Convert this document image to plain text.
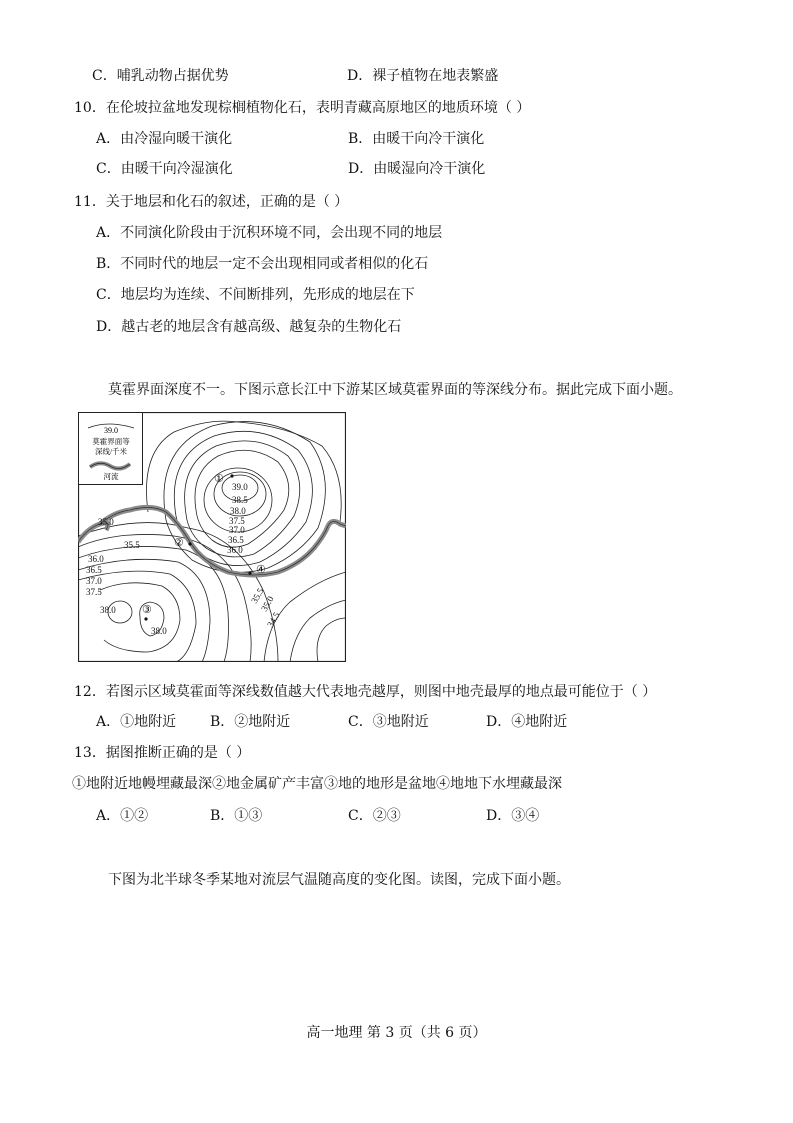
C．哺乳动物占据优势	D．裸子植物在地表繁盛
10．在伦坡拉盆地发现棕榈植物化石，表明青藏高原地区的地质环境（ ）
A．由冷湿向暖干演化	B．由暖干向冷干演化
C．由暖干向冷湿演化	D．由暖湿向冷干演化
11．关于地层和化石的叙述，正确的是（ ）
A．不同演化阶段由于沉积环境不同，会出现不同的地层
B．不同时代的地层一定不会出现相同或者相似的化石
C．地层均为连续、不间断排列，先形成的地层在下
D．越古老的地层含有越高级、越复杂的生物化石
莫霍界面深度不一。下图示意长江中下游某区域莫霍界面的等深线分布。据此完成下面小题。
39.0
莫霍界面等
深线/千米
河流
39.0
38.5
38.0
37.5
37.0
36.5
36.0
35.0
35.5
36.0
36.5
37.0
37.5
38.0
38.0
35.5
35.0
34.5
①
②
③
④
12．若图示区域莫霍面等深线数值越大代表地壳越厚，则图中地壳最厚的地点最可能位于（ ）
A．①地附近 B．②地附近	C．③地附近	D．④地附近
13．据图推断正确的是（ ）
①地附近地幔埋藏最深②地金属矿产丰富③地的地形是盆地④地地下水埋藏最深
A．①②	B．①③	C．②③	D．③④
下图为北半球冬季某地对流层气温随高度的变化图。读图，完成下面小题。
高一地理 第 3 页（共 6 页）
